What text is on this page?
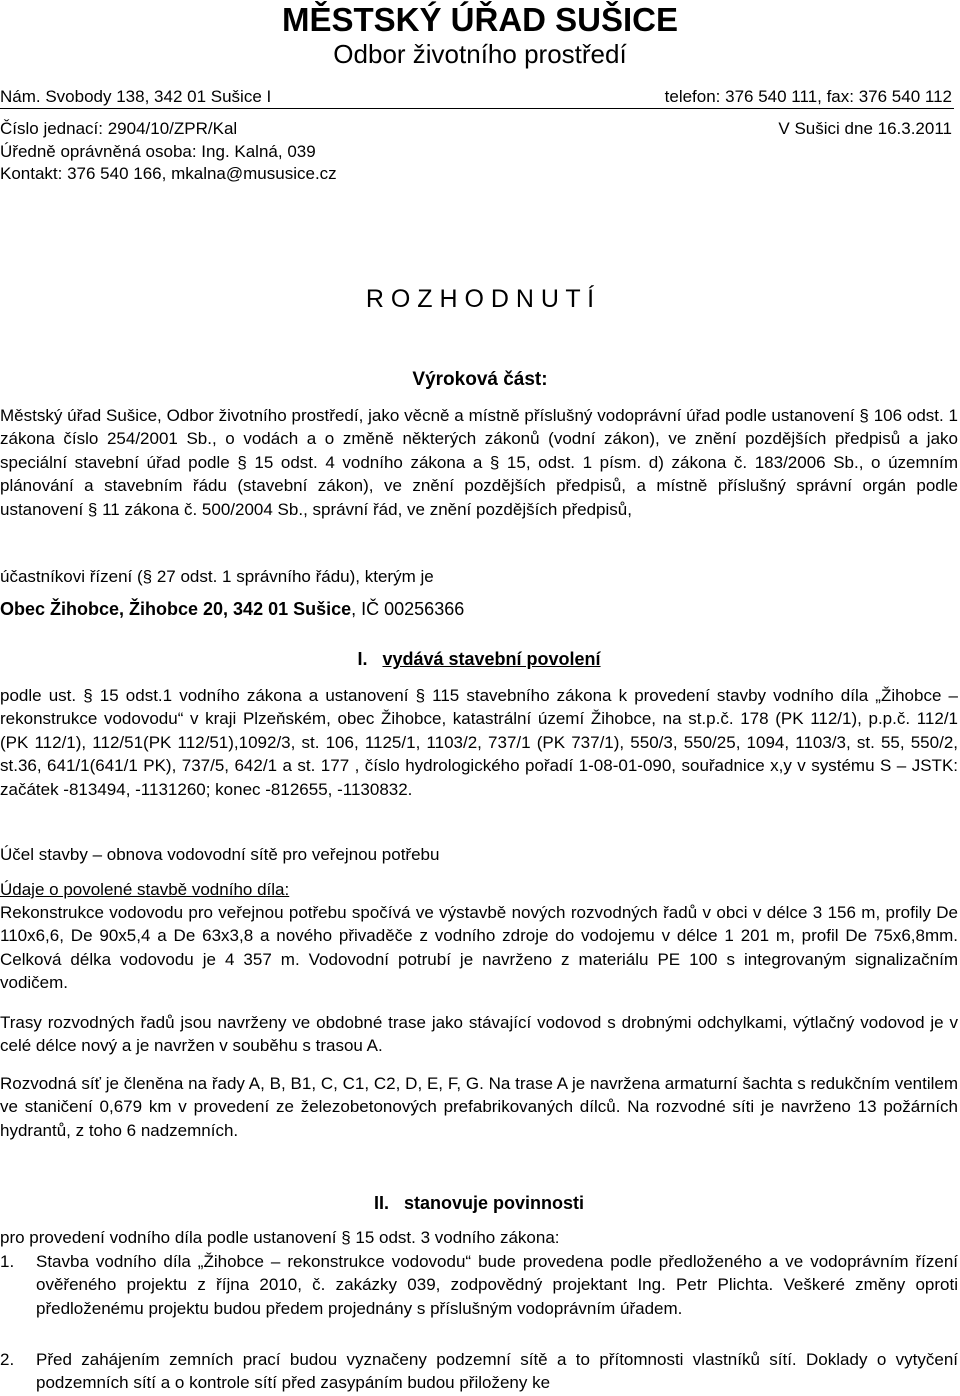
MĚSTSKÝ ÚŘAD SUŠICE
Odbor životního prostředí
Nám. Svobody 138, 342 01 Sušice I	telefon: 376 540 111, fax: 376 540 112
Číslo jednací: 2904/10/ZPR/Kal	V Sušici dne 16.3.2011
Úředně oprávněná osoba: Ing. Kalná, 039
Kontakt: 376 540 166, mkalna@mususice.cz
R O Z H O D N U T Í
Výroková část:
Městský úřad Sušice, Odbor životního prostředí, jako věcně a místně příslušný vodoprávní úřad podle ustanovení § 106 odst. 1 zákona číslo 254/2001 Sb., o vodách a o změně některých zákonů (vodní zákon), ve znění pozdějších předpisů a jako speciální stavební úřad podle § 15 odst. 4 vodního zákona a § 15, odst. 1 písm. d) zákona č. 183/2006 Sb., o územním plánování a stavebním řádu (stavební zákon), ve znění pozdějších předpisů, a místně příslušný správní orgán podle ustanovení § 11 zákona č. 500/2004 Sb., správní řád, ve znění pozdějších předpisů,
účastníkovi řízení (§ 27 odst. 1 správního řádu), kterým je
Obec Žihobce, Žihobce 20, 342 01 Sušice, IČ 00256366
I. vydává stavební povolení
podle ust. § 15 odst.1 vodního zákona a ustanovení § 115 stavebního zákona k provedení stavby vodního díla „Žihobce – rekonstrukce vodovodu“ v kraji Plzeňském, obec Žihobce, katastrální území Žihobce, na st.p.č. 178 (PK 112/1), p.p.č. 112/1 (PK 112/1), 112/51(PK 112/51),1092/3, st. 106, 1125/1, 1103/2, 737/1 (PK 737/1), 550/3, 550/25, 1094, 1103/3, st. 55, 550/2, st.36, 641/1(641/1 PK), 737/5, 642/1 a st. 177 , číslo hydrologického pořadí 1-08-01-090, souřadnice x,y v systému S – JSTK: začátek -813494, -1131260; konec -812655, -1130832.
Účel stavby – obnova vodovodní sítě pro veřejnou potřebu
Údaje o povolené stavbě vodního díla:
Rekonstrukce vodovodu pro veřejnou potřebu spočívá ve výstavbě nových rozvodných řadů v obci v délce 3 156 m, profily De 110x6,6, De 90x5,4 a De 63x3,8 a nového přivaděče z vodního zdroje do vodojemu v délce 1 201 m, profil De 75x6,8mm. Celková délka vodovodu je 4 357 m. Vodovodní potrubí je navrženo z materiálu PE 100 s integrovaným signalizačním vodičem.
Trasy rozvodných řadů jsou navrženy ve obdobné trase jako stávající vodovod s drobnými odchylkami, výtlačný vodovod je v celé délce nový a je navržen v souběhu s trasou A.
Rozvodná síť je členěna na řady A, B, B1, C, C1, C2, D, E, F, G. Na trase A je navržena armaturní šachta s redukčním ventilem ve staničení 0,679 km v provedení ze železobetonových prefabrikovaných dílců. Na rozvodné síti je navrženo 13 požárních hydrantů, z toho 6 nadzemních.
II. stanovuje povinnosti
pro provedení vodního díla podle ustanovení § 15 odst. 3 vodního zákona:
1.	Stavba vodního díla „Žihobce – rekonstrukce vodovodu“ bude provedena podle předloženého a ve vodoprávním řízení ověřeného projektu z října 2010, č. zakázky 039, zodpovědný projektant Ing. Petr Plichta. Veškeré změny oproti předloženému projektu budou předem projednány s příslušným vodoprávním úřadem.
2.	Před zahájením zemních prací budou vyznačeny podzemní sítě a to přítomnosti vlastníků sítí. Doklady o vytyčení podzemních sítí a o kontrole sítí před zasypáním budou přiloženy ke
